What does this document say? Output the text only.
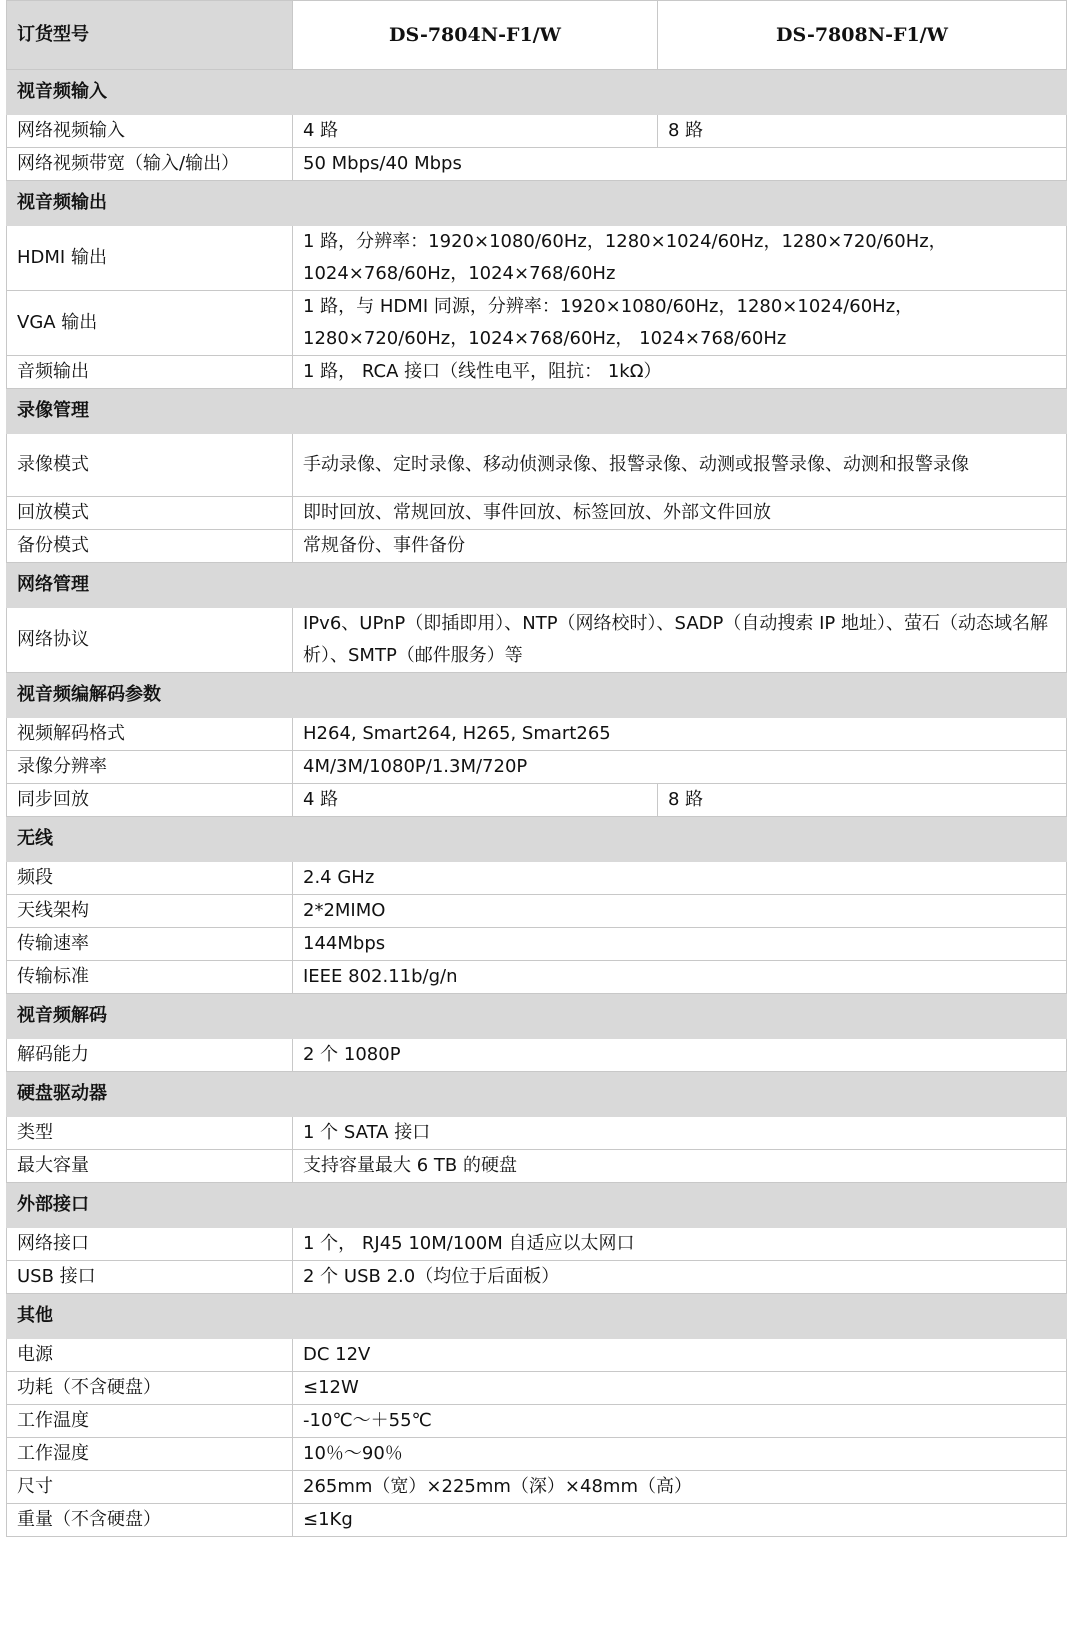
订货型号	DS-7804N-F1/W	DS-7808N-F1/W
视音频输入		
网络视频输入	4 路	8 路
网络视频带宽（输入/输出）	50 Mbps/40 Mbps	
视音频输出		
HDMI 输出	1 路，分辨率：1920×1080/60Hz，1280×1024/60Hz，1280×720/60Hz，1024×768/60Hz，1024×768/60Hz	
VGA 输出	1 路，与 HDMI 同源，分辨率：1920×1080/60Hz，1280×1024/60Hz，1280×720/60Hz，1024×768/60Hz， 1024×768/60Hz	
音频输出	1 路， RCA 接口（线性电平，阻抗： 1kΩ）	
录像管理		
录像模式	手动录像、定时录像、移动侦测录像、报警录像、动测或报警录像、动测和报警录像	
回放模式	即时回放、常规回放、事件回放、标签回放、外部文件回放	
备份模式	常规备份、事件备份	
网络管理		
网络协议	IPv6、UPnP（即插即用）、NTP（网络校时）、SADP（自动搜索 IP 地址）、萤石（动态域名解析）、SMTP（邮件服务）等	
视音频编解码参数		
视频解码格式	H264, Smart264, H265, Smart265	
录像分辨率	4M/3M/1080P/1.3M/720P	
同步回放	4 路	8 路
无线		
频段	2.4 GHz	
天线架构	2*2MIMO	
传输速率	144Mbps	
传输标准	IEEE 802.11b/g/n	
视音频解码		
解码能力	2 个 1080P	
硬盘驱动器		
类型	1 个 SATA 接口	
最大容量	支持容量最大 6 TB 的硬盘	
外部接口		
网络接口	1 个， RJ45 10M/100M 自适应以太网口	
USB 接口	2 个 USB 2.0（均位于后面板）	
其他		
电源	DC 12V	
功耗（不含硬盘）	≤12W	
工作温度	-10℃～＋55℃	
工作湿度	10％～90％	
尺寸	265mm（宽）×225mm（深）×48mm（高）	
重量（不含硬盘）	≤1Kg	
